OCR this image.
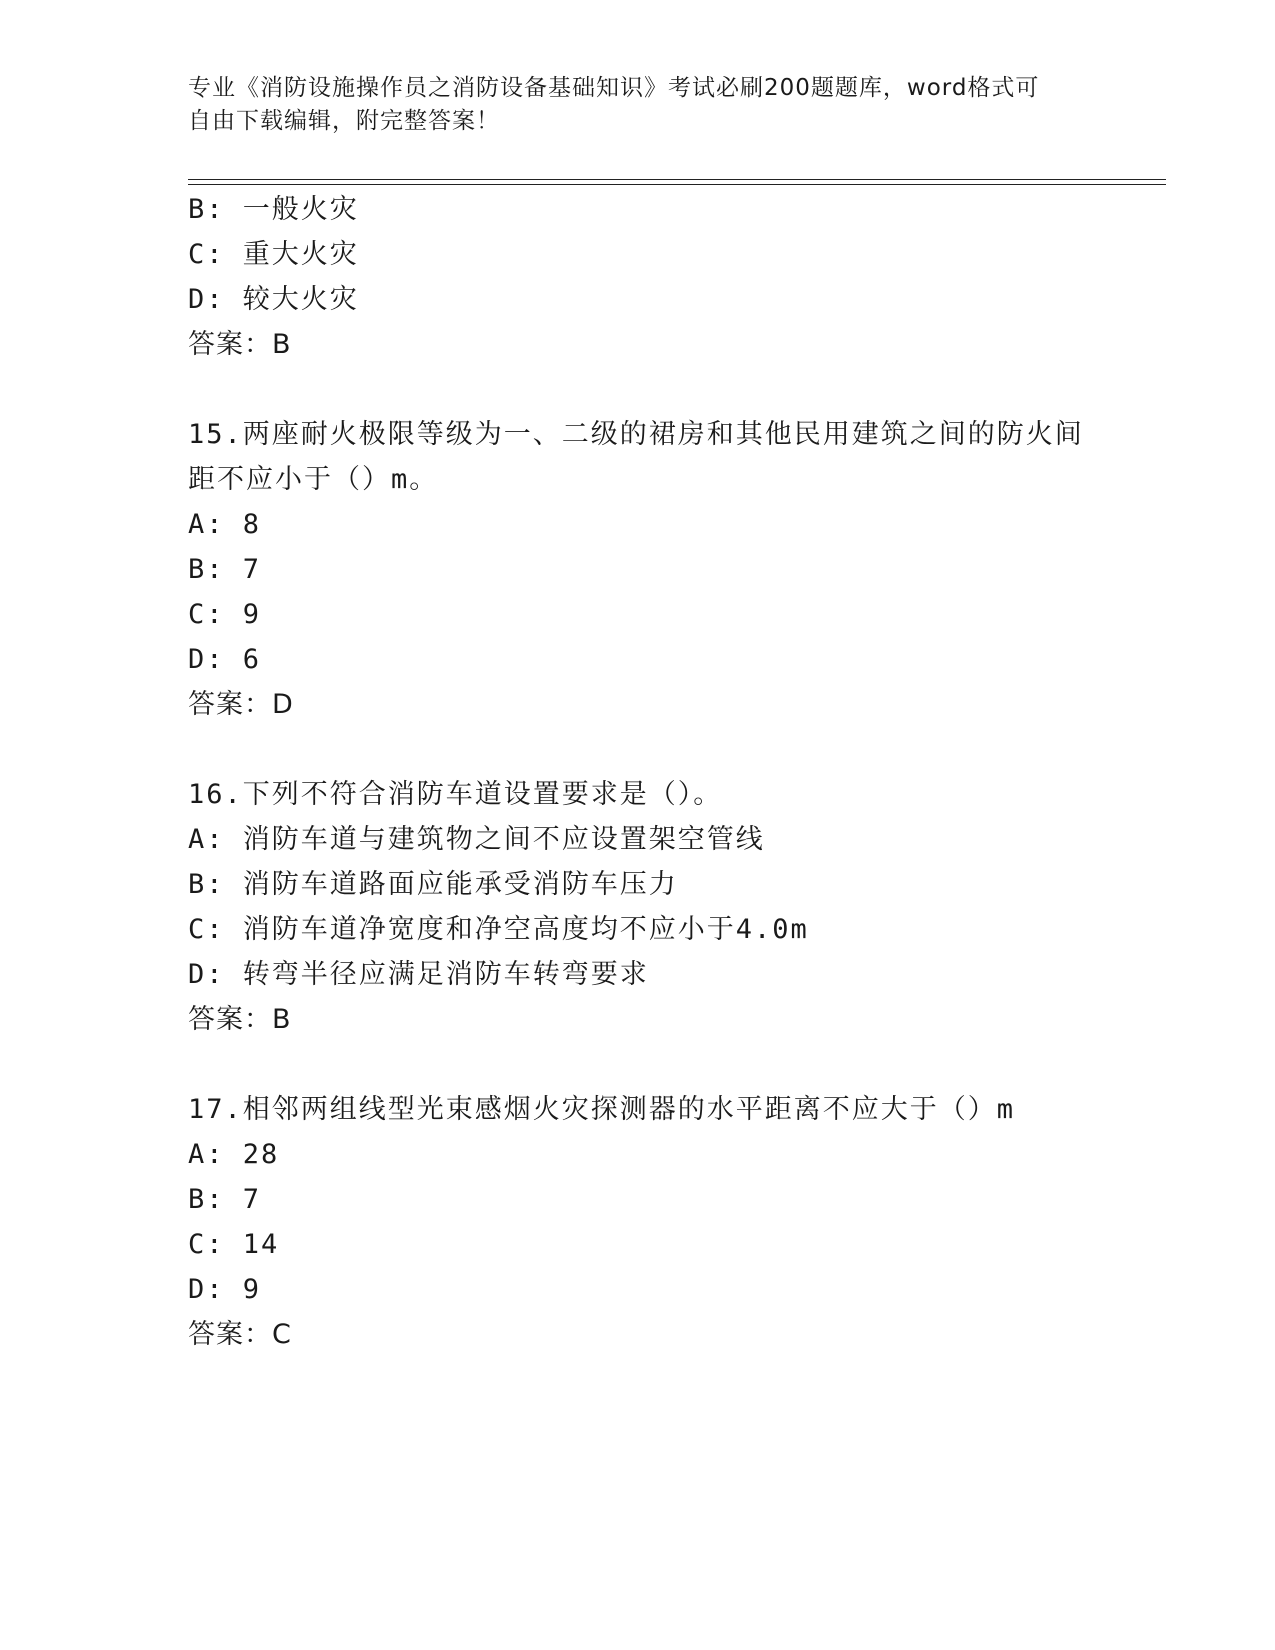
专业《消防设施操作员之消防设备基础知识》考试必刷200题题库，word格式可
自由下载编辑，附完整答案！
B: 一般火灾
C: 重大火灾
D: 较大火灾
答案：B
15.两座耐火极限等级为一、二级的裙房和其他民用建筑之间的防火间
距不应小于（）m。
A: 8
B: 7
C: 9
D: 6
答案：D
16.下列不符合消防车道设置要求是（）。
A: 消防车道与建筑物之间不应设置架空管线
B: 消防车道路面应能承受消防车压力
C: 消防车道净宽度和净空高度均不应小于4.0m
D: 转弯半径应满足消防车转弯要求
答案：B
17.相邻两组线型光束感烟火灾探测器的水平距离不应大于（）m
A: 28
B: 7
C: 14
D: 9
答案：C
